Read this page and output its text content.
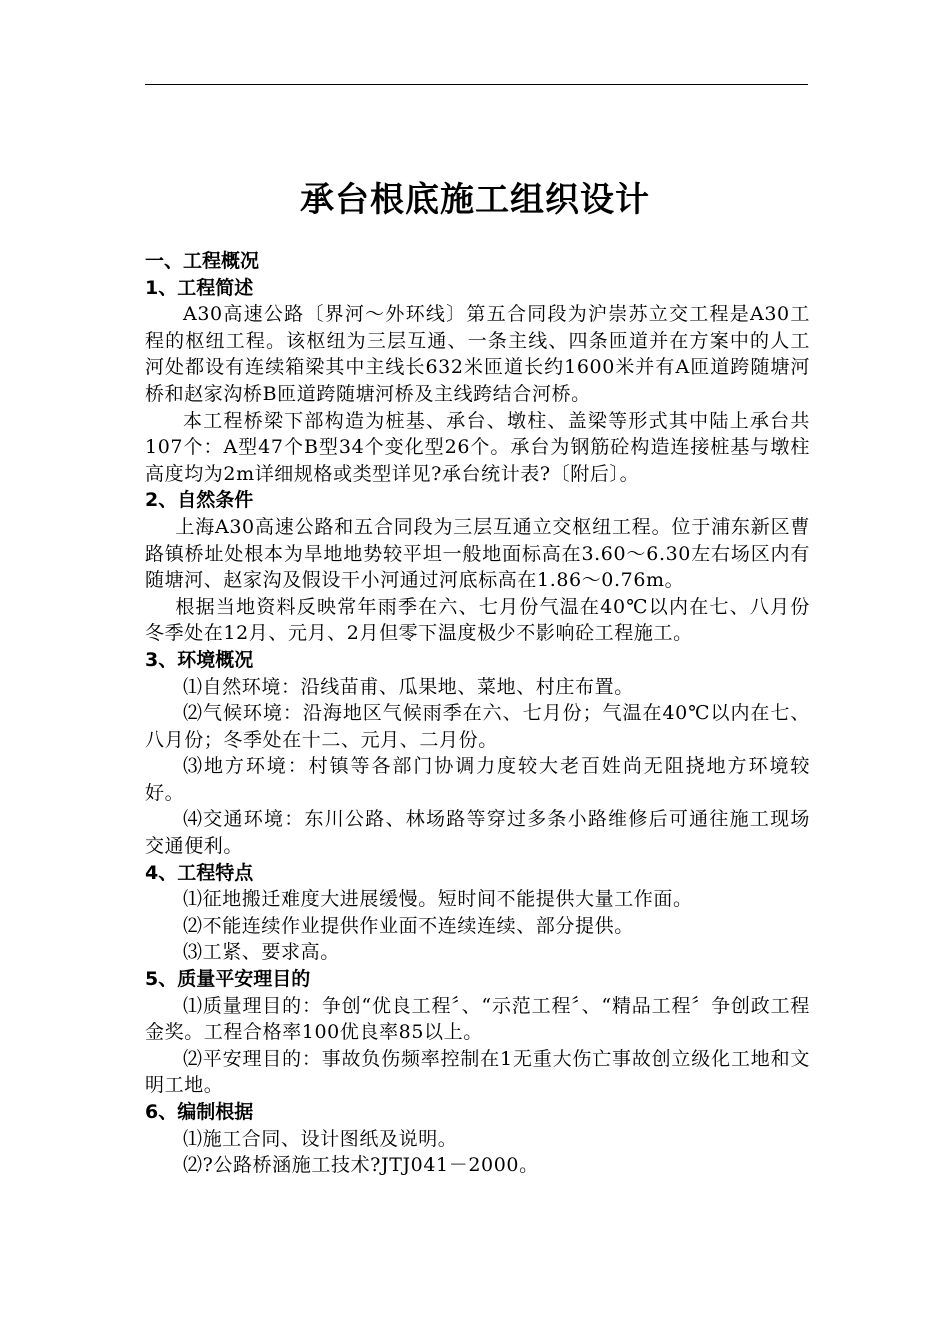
承台根底施工组织设计
一、工程概况
1、工程简述

A30高速公路〔界河～外环线〕第五合同段为沪崇苏立交工程是A30工程的枢纽工程。该枢纽为三层互通、一条主线、四条匝道并在方案中的人工河处都设有连续箱梁其中主线长632米匝道长约1600米并有A匝道跨随塘河桥和赵家沟桥B匝道跨随塘河桥及主线跨结合河桥。

本工程桥梁下部构造为桩基、承台、墩柱、盖梁等形式其中陆上承台共107个：A型47个B型34个变化型26个。承台为钢筋砼构造连接桩基与墩柱高度均为2m详细规格或类型详见?承台统计表?〔附后〕。

2、自然条件

上海A30高速公路和五合同段为三层互通立交枢纽工程。位于浦东新区曹路镇桥址处根本为旱地地势较平坦一般地面标高在3.60～6.30左右场区内有随塘河、赵家沟及假设干小河通过河底标高在1.86～0.76m。

根据当地资料反映常年雨季在六、七月份气温在40℃以内在七、八月份冬季处在12月、元月、2月但零下温度极少不影响砼工程施工。

3、环境概况

⑴自然环境：沿线苗甫、瓜果地、菜地、村庄布置。

⑵气候环境：沿海地区气候雨季在六、七月份；气温在40℃以内在七、八月份；冬季处在十二、元月、二月份。

⑶地方环境：村镇等各部门协调力度较大老百姓尚无阻挠地方环境较好。

⑷交通环境：东川公路、林场路等穿过多条小路维修后可通往施工现场交通便利。

4、工程特点

⑴征地搬迁难度大进展缓慢。短时间不能提供大量工作面。

⑵不能连续作业提供作业面不连续连续、部分提供。

⑶工紧、要求高。

5、质量平安理目的

⑴质量理目的：争创“优良工程〞、“示范工程〞、“精品工程〞争创政工程金奖。工程合格率100优良率85以上。

⑵平安理目的：事故负伤频率控制在1无重大伤亡事故创立级化工地和文明工地。

6、编制根据

⑴施工合同、设计图纸及说明。

⑵?公路桥涵施工技术?JTJ041－2000。
